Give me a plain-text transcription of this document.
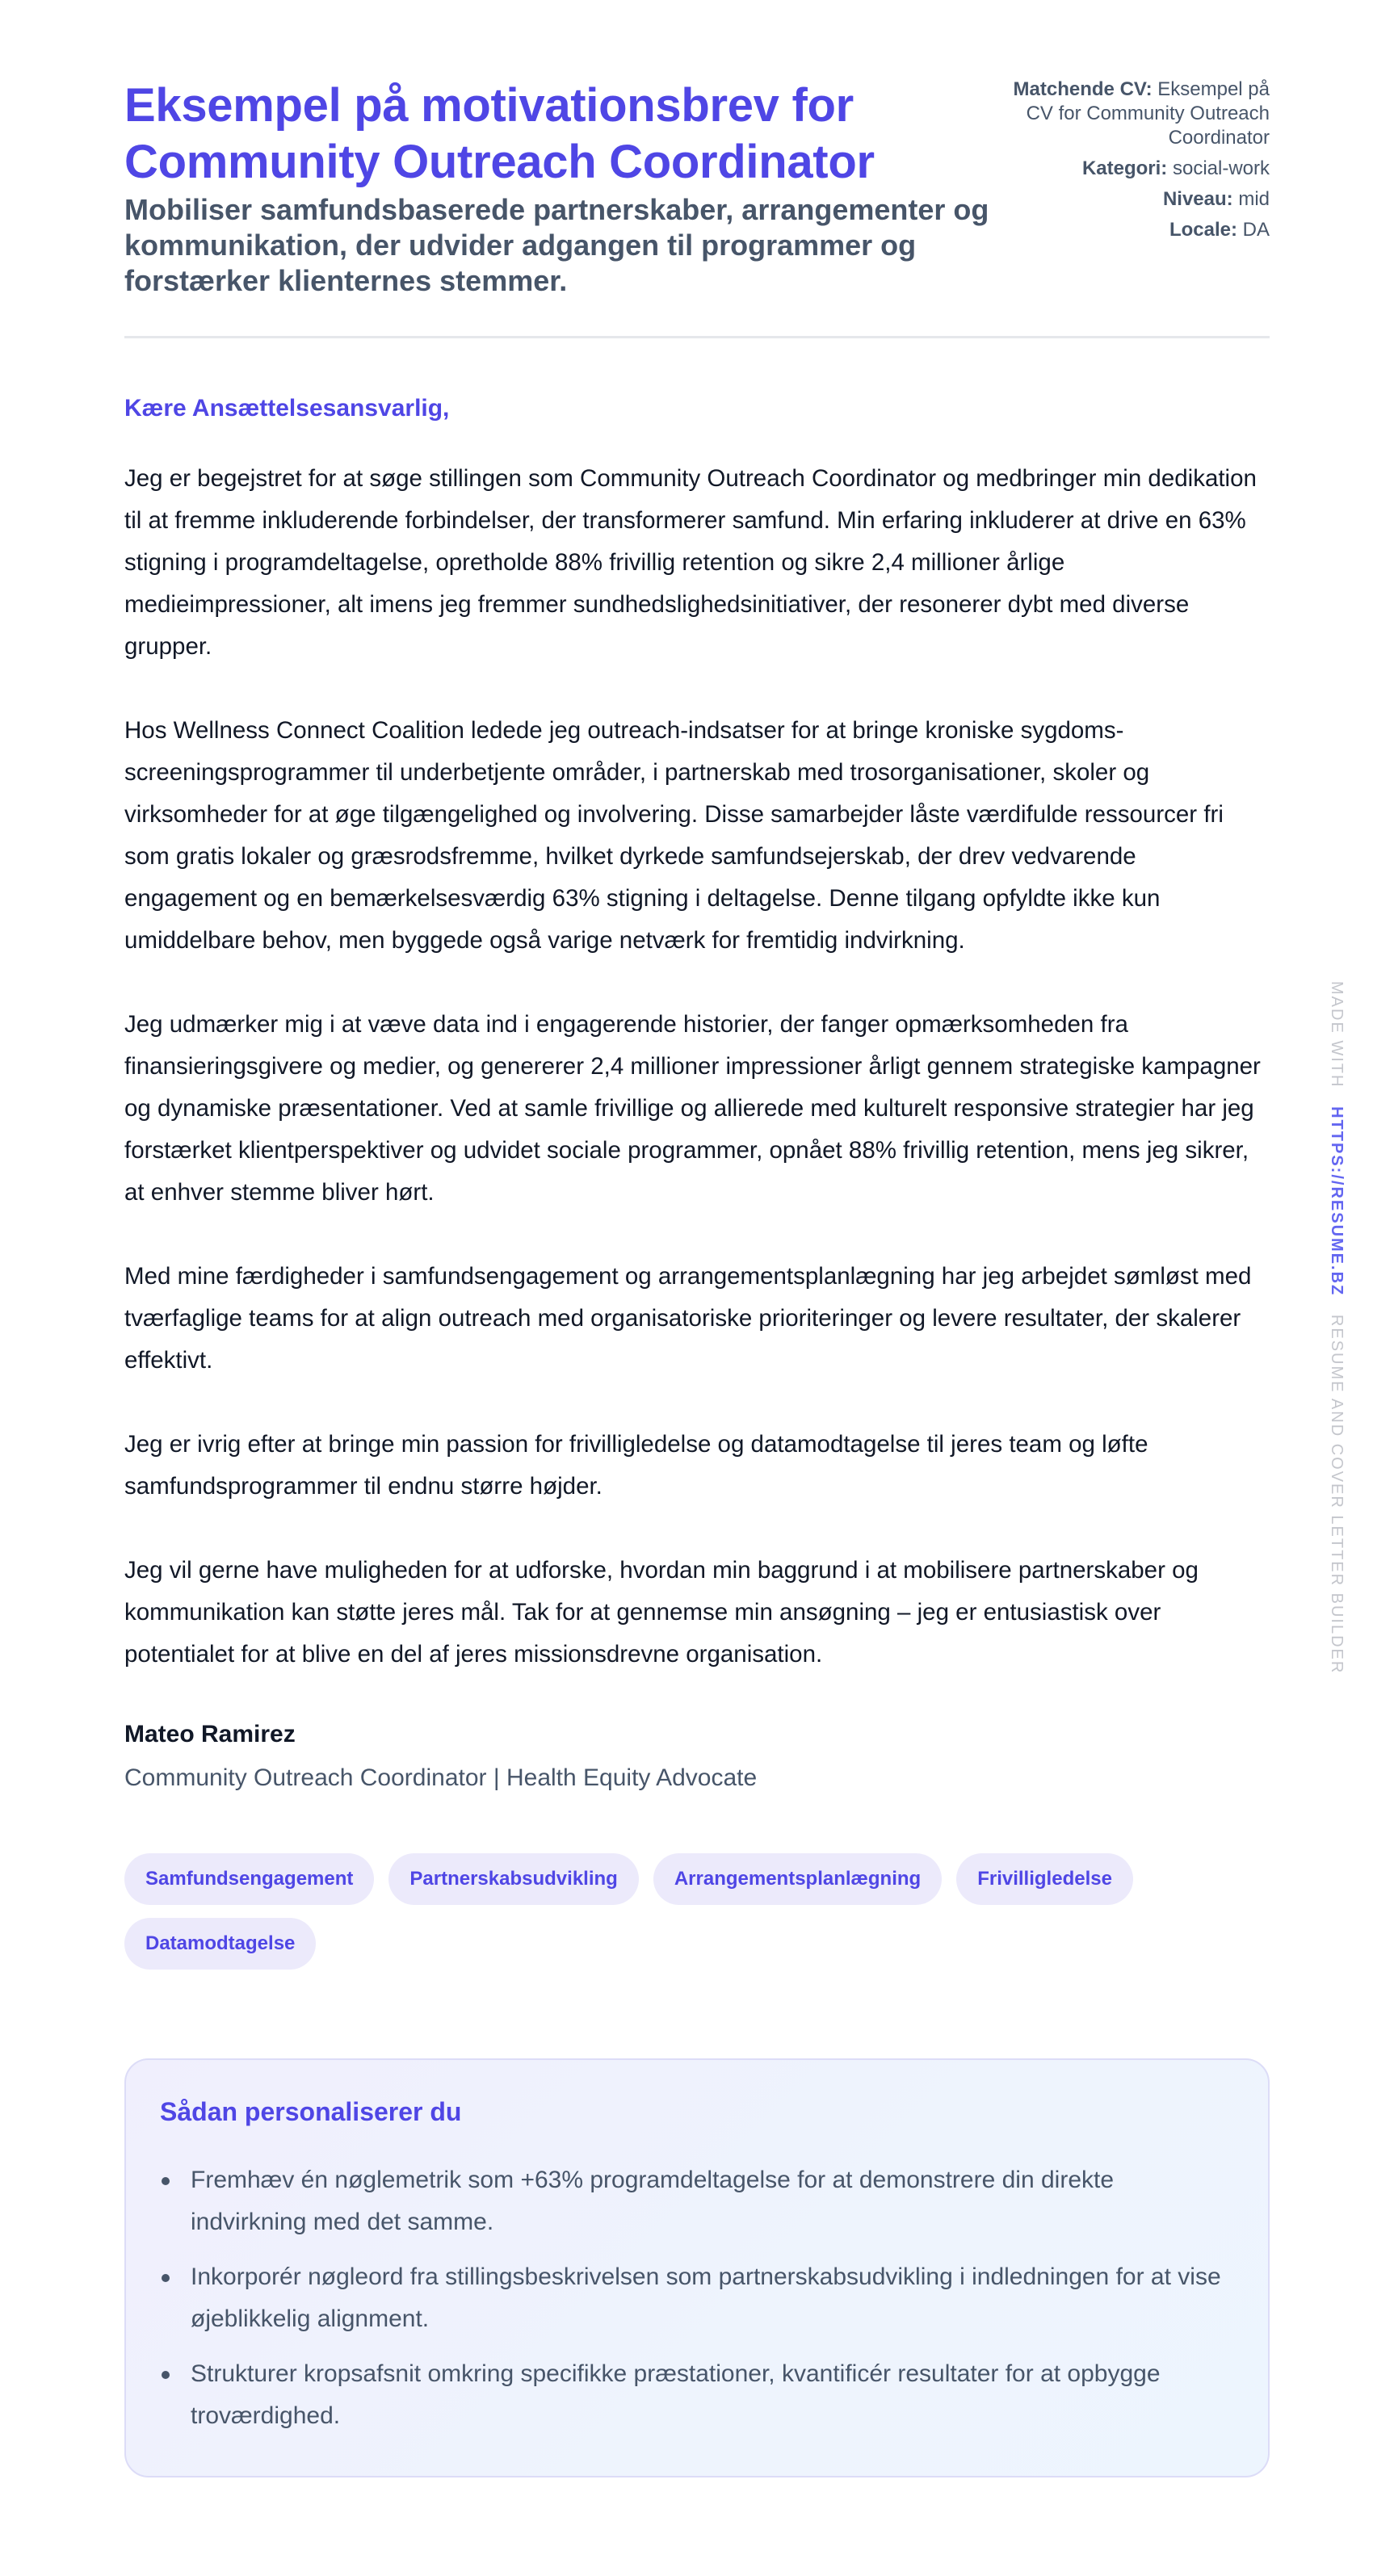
Eksempel på motivationsbrev for Community Outreach Coordinator
Mobiliser samfundsbaserede partnerskaber, arrangementer og kommunikation, der udvider adgangen til programmer og forstærker klienternes stemmer.
Matchende CV: Eksempel på CV for Community Outreach Coordinator
Kategori: social-work
Niveau: mid
Locale: DA

Kære Ansættelsesansvarlig,

Jeg er begejstret for at søge stillingen som Community Outreach Coordinator og medbringer min dedikation til at fremme inkluderende forbindelser, der transformerer samfund. Min erfaring inkluderer at drive en 63% stigning i programdeltagelse, opretholde 88% frivillig retention og sikre 2,4 millioner årlige medieimpressioner, alt imens jeg fremmer sundhedslighedsinitiativer, der resonerer dybt med diverse grupper.

Hos Wellness Connect Coalition ledede jeg outreach-indsatser for at bringe kroniske sygdoms-screeningsprogrammer til underbetjente områder, i partnerskab med trosorganisationer, skoler og virksomheder for at øge tilgængelighed og involvering. Disse samarbejder låste værdifulde ressourcer fri som gratis lokaler og græsrodsfremme, hvilket dyrkede samfundsejerskab, der drev vedvarende engagement og en bemærkelsesværdig 63% stigning i deltagelse. Denne tilgang opfyldte ikke kun umiddelbare behov, men byggede også varige netværk for fremtidig indvirkning.

Jeg udmærker mig i at væve data ind i engagerende historier, der fanger opmærksomheden fra finansieringsgivere og medier, og genererer 2,4 millioner impressioner årligt gennem strategiske kampagner og dynamiske præsentationer. Ved at samle frivillige og allierede med kulturelt responsive strategier har jeg forstærket klientperspektiver og udvidet sociale programmer, opnået 88% frivillig retention, mens jeg sikrer, at enhver stemme bliver hørt.

Med mine færdigheder i samfundsengagement og arrangementsplanlægning har jeg arbejdet sømløst med tværfaglige teams for at align outreach med organisatoriske prioriteringer og levere resultater, der skalerer effektivt.

Jeg er ivrig efter at bringe min passion for frivilligledelse og datamodtagelse til jeres team og løfte samfundsprogrammer til endnu større højder.

Jeg vil gerne have muligheden for at udforske, hvordan min baggrund i at mobilisere partnerskaber og kommunikation kan støtte jeres mål. Tak for at gennemse min ansøgning – jeg er entusiastisk over potentialet for at blive en del af jeres missionsdrevne organisation.

Mateo Ramirez
Community Outreach Coordinator | Health Equity Advocate
Samfundsengagement	Partnerskabsudvikling	Arrangementsplanlægning	Frivilligledelse
Datamodtagelse
Sådan personaliserer du
Fremhæv én nøglemetrik som +63% programdeltagelse for at demonstrere din direkte indvirkning med det samme.
Inkorporér nøgleord fra stillingsbeskrivelsen som partnerskabsudvikling i indledningen for at vise øjeblikkelig alignment.
Strukturer kropsafsnit omkring specifikke præstationer, kvantificér resultater for at opbygge troværdighed.
MADE WITH   HTTPS://RESUME.BZ   RESUME AND COVER LETTER BUILDER
